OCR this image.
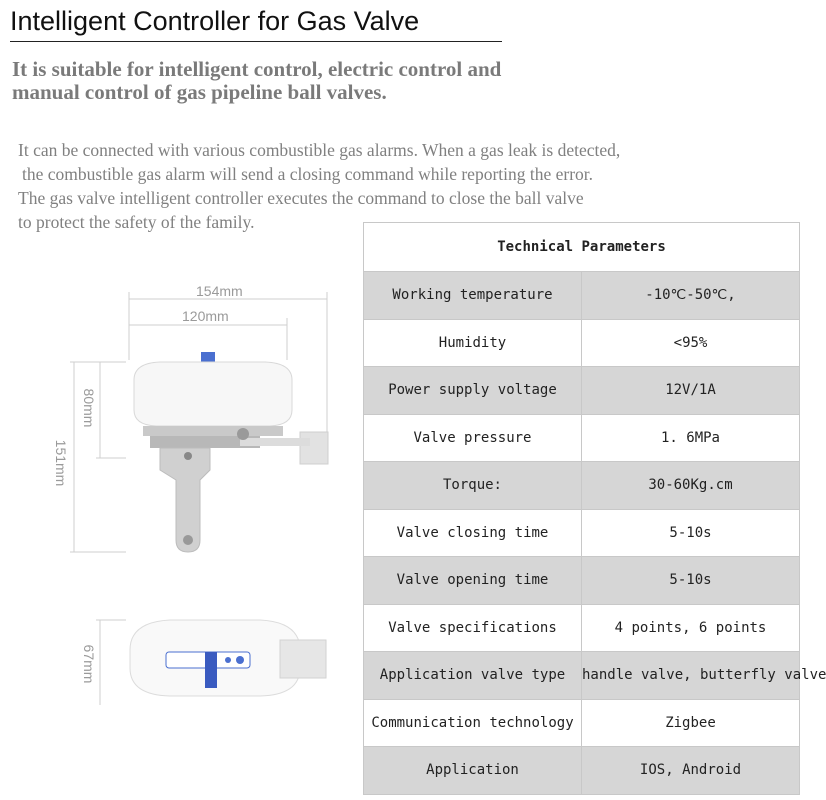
Intelligent Controller for Gas Valve
It is suitable for intelligent control, electric control and
manual control of gas pipeline ball valves.
It can be connected with various combustible gas alarms. When a gas leak is detected,
the combustible gas alarm will send a closing command while reporting the error.
The gas valve intelligent controller executes the command to close the ball valve
to protect the safety of the family.
154mm
120mm
80mm
151mm
67mm
Technical Parameters	
Working temperature	-10℃-50℃,
Humidity	<95%
Power supply voltage	12V/1A
Valve pressure	1. 6MPa
Torque:	30-60Kg.cm
Valve closing time	5-10s
Valve opening time	5-10s
Valve specifications	4 points, 6 points
Application valve type	handle valve, butterfly valve
Communication technology	Zigbee
Application	IOS, Android
